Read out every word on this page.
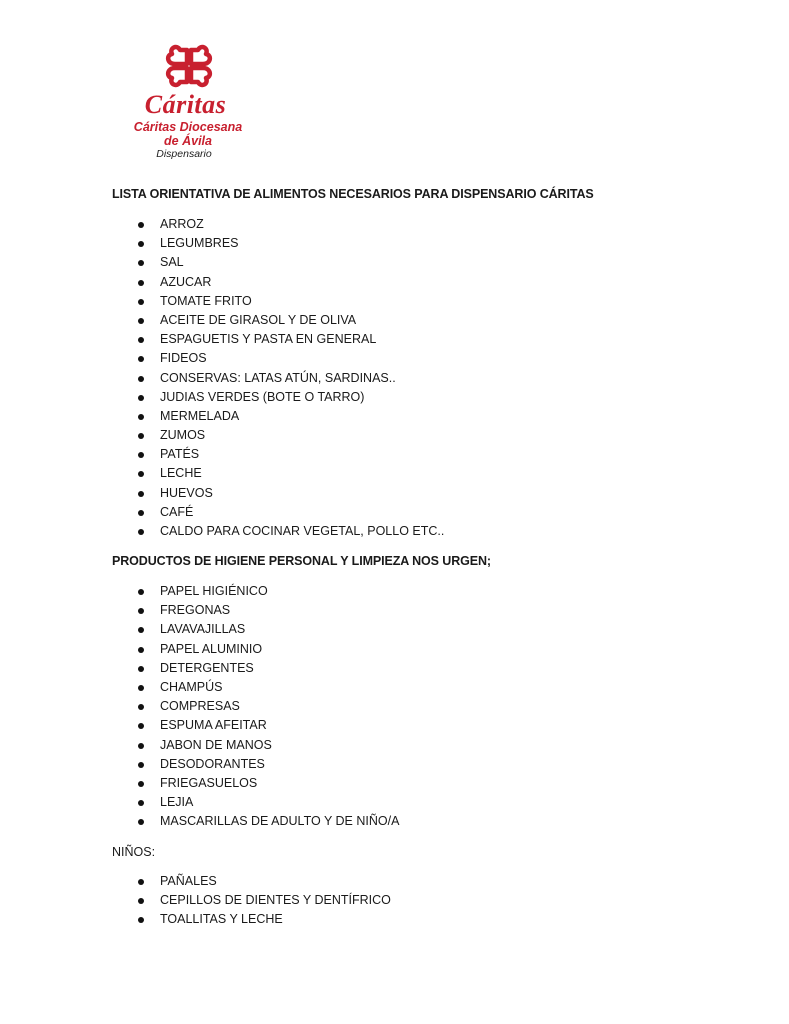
Cáritas
Cáritas Diocesana
de Ávila
Dispensario
LISTA ORIENTATIVA DE ALIMENTOS NECESARIOS PARA DISPENSARIO CÁRITAS
ARROZ
LEGUMBRES
SAL
AZUCAR
TOMATE FRITO
ACEITE DE GIRASOL Y DE OLIVA
ESPAGUETIS Y PASTA EN GENERAL
FIDEOS
CONSERVAS: LATAS ATÚN, SARDINAS..
JUDIAS VERDES (BOTE O TARRO)
MERMELADA
ZUMOS
PATÉS
LECHE
HUEVOS
CAFÉ
CALDO PARA COCINAR VEGETAL, POLLO ETC..
PRODUCTOS DE HIGIENE PERSONAL Y LIMPIEZA NOS URGEN;
PAPEL HIGIÉNICO
FREGONAS
LAVAVAJILLAS
PAPEL ALUMINIO
DETERGENTES
CHAMPÚS
COMPRESAS
ESPUMA AFEITAR
JABON DE MANOS
DESODORANTES
FRIEGASUELOS
LEJIA
MASCARILLAS DE ADULTO Y DE NIÑO/A
NIÑOS:
PAÑALES
CEPILLOS DE DIENTES Y DENTÍFRICO
TOALLITAS Y LECHE
